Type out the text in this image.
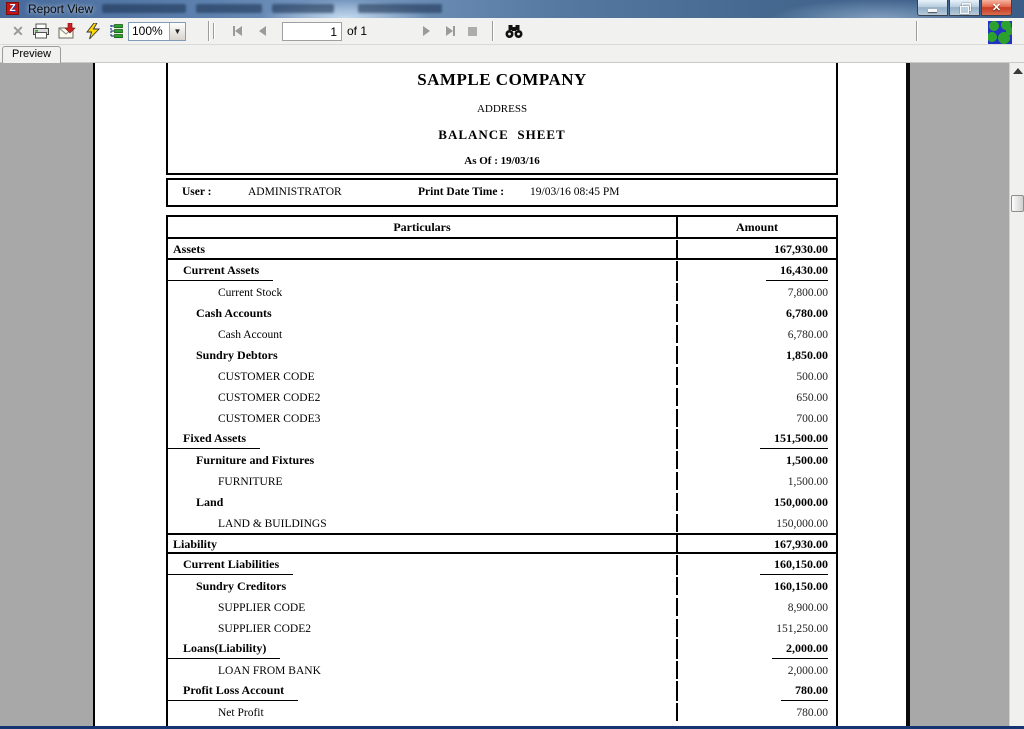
Z Report View	✕
✕	100%	▼
1	of 1
Preview
SAMPLE COMPANY
ADDRESS
BALANCE  SHEET
As Of : 19/03/16
User :	ADMINISTRATOR	Print Date Time : 19/03/16 08:45 PM
Particulars	Amount
Assets	167,930.00
Current Assets	16,430.00
Current Stock	7,800.00
Cash Accounts	6,780.00
Cash Account	6,780.00
Sundry Debtors	1,850.00
CUSTOMER CODE	500.00
CUSTOMER CODE2	650.00
CUSTOMER CODE3	700.00
Fixed Assets	151,500.00
Furniture and Fixtures	1,500.00
FURNITURE	1,500.00
Land	150,000.00
LAND & BUILDINGS	150,000.00
Liability	167,930.00
Current Liabilities	160,150.00
Sundry Creditors	160,150.00
SUPPLIER CODE	8,900.00
SUPPLIER CODE2	151,250.00
Loans(Liability)	2,000.00
LOAN FROM BANK	2,000.00
Profit Loss Account	780.00
Net Profit	780.00
